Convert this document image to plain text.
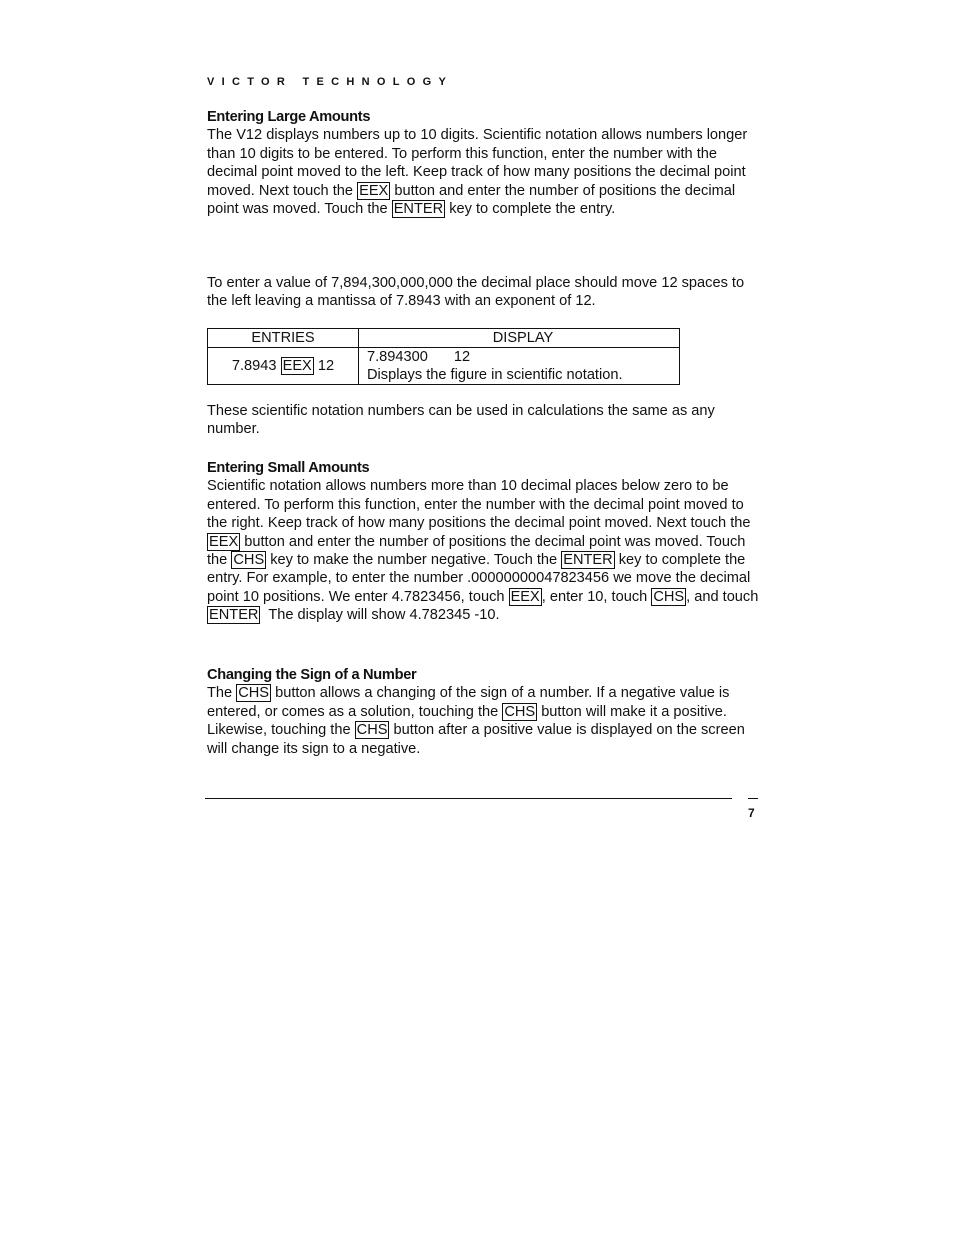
VICTOR TECHNOLOGY
Entering Large Amounts

The V12 displays numbers up to 10 digits. Scientific notation allows numbers longer than 10 digits to be entered. To perform this function, enter the number with the decimal point moved to the left. Keep track of how many positions the decimal point moved. Next touch the EEX button and enter the number of positions the decimal point was moved. Touch the ENTER key to complete the entry.

To enter a value of 7,894,300,000,000 the decimal place should move 12 spaces to the left leaving a mantissa of 7.8943 with an exponent of 12.

ENTRIES	DISPLAY
7.8943 EEX 12	7.894300 12
Displays the figure in scientific notation.

These scientific notation numbers can be used in calculations the same as any number.

Entering Small Amounts

Scientific notation allows numbers more than 10 decimal places below zero to be entered. To perform this function, enter the number with the decimal point moved to the right. Keep track of how many positions the decimal point moved. Next touch the EEX button and enter the number of positions the decimal point was moved. Touch the CHS key to make the number negative. Touch the ENTER key to complete the entry. For example, to enter the number .00000000047823456 we move the decimal point 10 positions. We enter 4.7823456, touch EEX , enter 10, touch CHS , and touch ENTER The display will show 4.782345 -10.

Changing the Sign of a Number

The CHS button allows a changing of the sign of a number. If a negative value is entered, or comes as a solution, touching the CHS button will make it a positive. Likewise, touching the CHS button after a positive value is displayed on the screen will change its sign to a negative.

7
